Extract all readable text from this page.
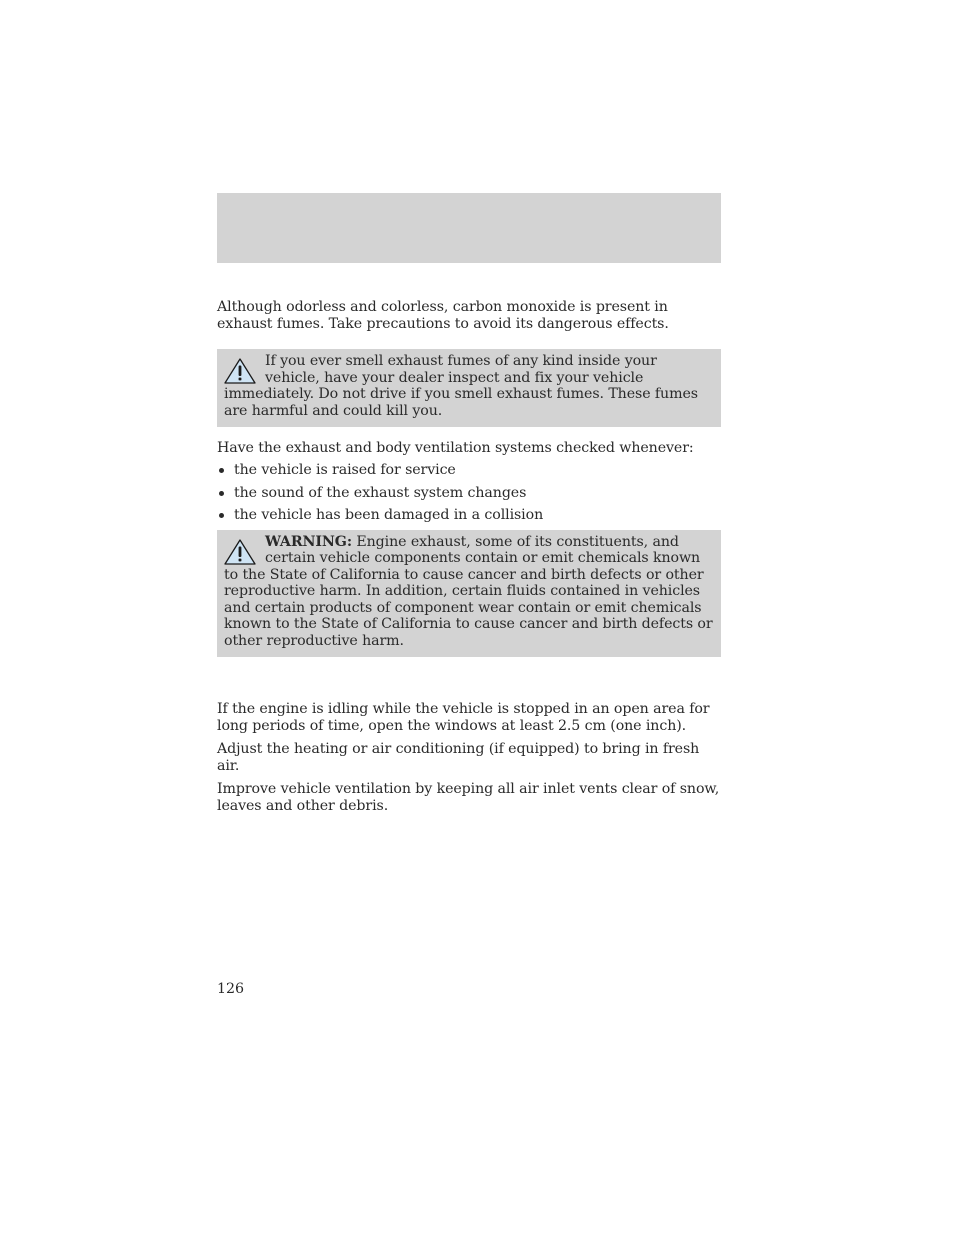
Although odorless and colorless, carbon monoxide is present in exhaust fumes. Take precautions to avoid its dangerous effects.

If you ever smell exhaust fumes of any kind inside your vehicle, have your dealer inspect and fix your vehicle immediately. Do not drive if you smell exhaust fumes. These fumes are harmful and could kill you.

Have the exhaust and body ventilation systems checked whenever:

the vehicle is raised for service
the sound of the exhaust system changes
the vehicle has been damaged in a collision
WARNING: Engine exhaust, some of its constituents, and certain vehicle components contain or emit chemicals known to the State of California to cause cancer and birth defects or other reproductive harm. In addition, certain fluids contained in vehicles and certain products of component wear contain or emit chemicals known to the State of California to cause cancer and birth defects or other reproductive harm.

If the engine is idling while the vehicle is stopped in an open area for long periods of time, open the windows at least 2.5 cm (one inch).

Adjust the heating or air conditioning (if equipped) to bring in fresh air.

Improve vehicle ventilation by keeping all air inlet vents clear of snow, leaves and other debris.

126
